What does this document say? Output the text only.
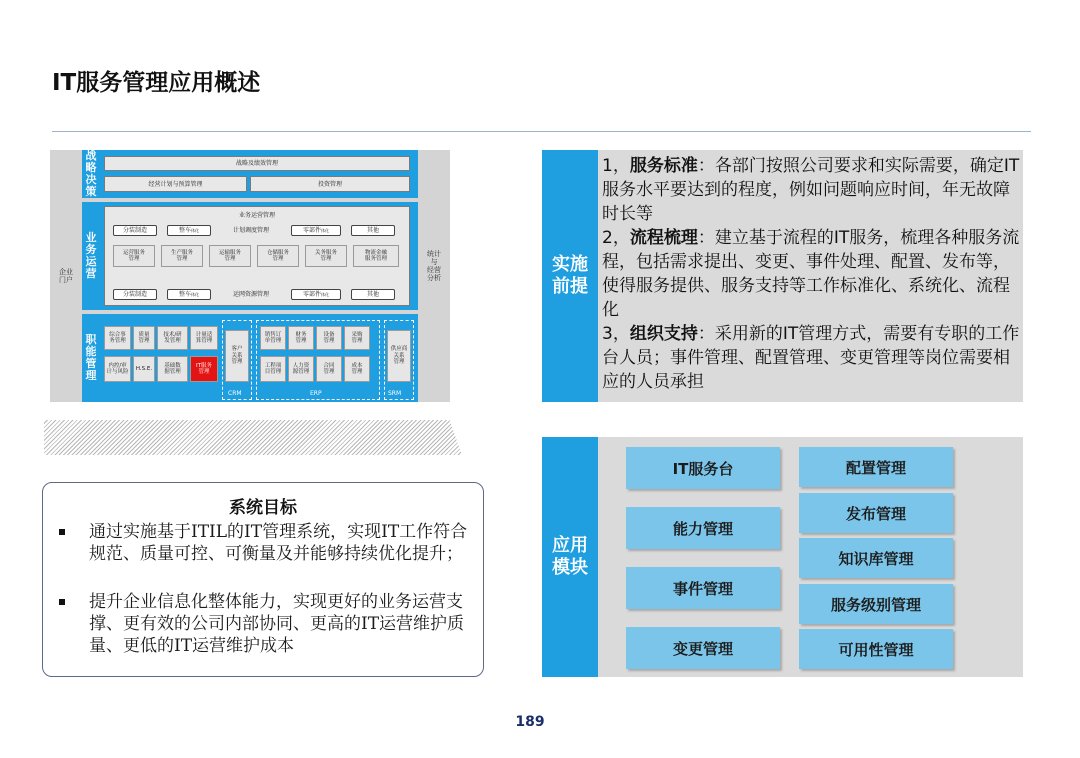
IT服务管理应用概述
企业
门户
统计
与
经营
分析
战略决策
战略及绩效管理
经营计划与预算管理	投资管理
业务运营
业务运营管理
分装制造	整车 体化	计划调度管理	零部件 体化	其他
运营服务
管理
生产服务
管理
运输服务
管理
仓储服务
管理
关务服务
管理
物流金融
服务管理
分装制造	整车 体化	运网资源管理	零部件 体化	其他
职能管理
综合事
务管理
质量
管理
技术/研
发管理
计量适
算管理
内控/审
计与风险
H.S.E.
基础数
据管理
IT服务
管理
客户
关系
管理
CRM
销售订
单管理
财务
管理
设备
管理
采购
管理
工程项
目管理
人力资
源管理
合同
管理
成本
管理
ERP
供应商
关系
管理
SRM
系统目标
通过实施基于ITIL的IT管理系统，实现IT工作符合规范、质量可控、可衡量及并能够持续优化提升；
提升企业信息化整体能力，实现更好的业务运营支撑、更有效的公司内部协同、更高的IT运营维护质量、更低的IT运营维护成本
实施
前提
1，服务标准：各部门按照公司要求和实际需要，确定IT服务水平要达到的程度，例如问题响应时间，年无故障时长等
2，流程梳理：建立基于流程的IT服务，梳理各种服务流程，包括需求提出、变更、事件处理、配置、发布等，使得服务提供、服务支持等工作标准化、系统化、流程化
3，组织支持：采用新的IT管理方式，需要有专职的工作台人员；事件管理、配置管理、变更管理等岗位需要相应的人员承担
应用
模块
IT服务台
能力管理
事件管理
变更管理
配置管理
发布管理
知识库管理
服务级别管理
可用性管理
189
